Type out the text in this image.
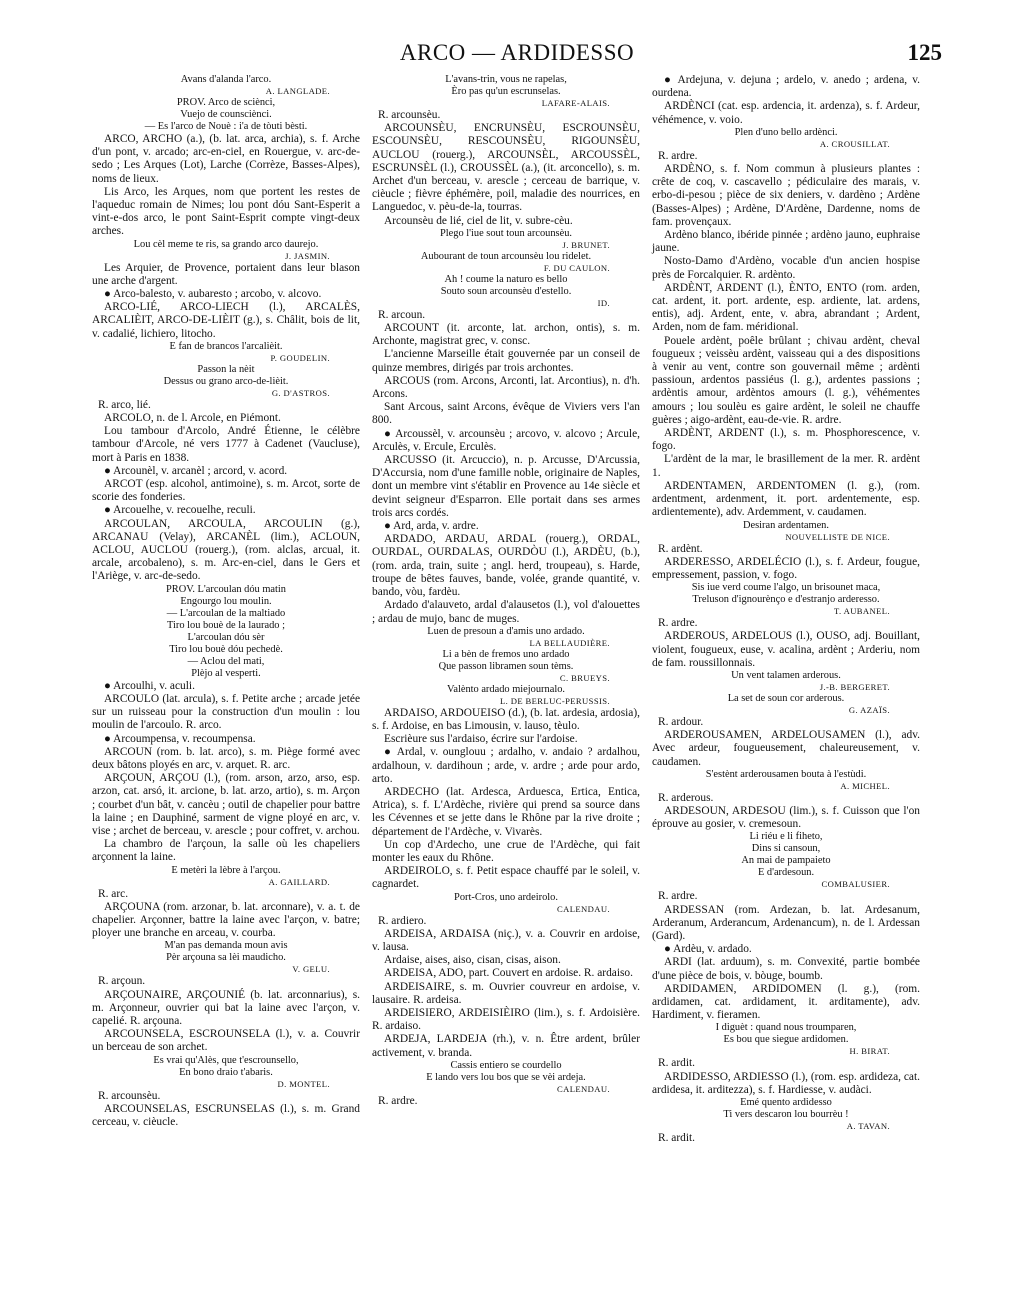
ARCO — ARDIDESSO	125

Avans d'alanda l'arco.

A. LANGLADE.

PROV. Arco de sciènci,

Vuejo de counsciènci.

— Es l'arco de Nouè : i'a de tòuti bèsti.

ARCO, ARCHO (a.), (b. lat. arca, archia), s. f. Arche d'un pont, v. arcado; arc-en-ciel, en Rouergue, v. arc-de-sedo ; Les Arques (Lot), Larche (Corrèze, Basses-Alpes), noms de lieux.

Lis Arco, les Arques, nom que portent les restes de l'aqueduc romain de Nimes; lou pont dóu Sant-Esperit a vint-e-dos arco, le pont Saint-Esprit compte vingt-deux arches.

Lou cèl meme te ris, sa grando arco daurejo.

J. JASMIN.

Les Arquier, de Provence, portaient dans leur blason une arche d'argent.

● Arco-balesto, v. aubaresto ; arcobo, v. alcovo.

ARCO-LIÉ, ARCO-LIECH (l.), ARCALÈS, ARCALIÈIT, ARCO-DE-LIÈIT (g.), s. Châlit, bois de lit, v. cadalié, lichiero, litocho.

E fan de brancos l'arcalièit.

P. GOUDELIN.

Passon la nèit

Dessus ou grano arco-de-lièit.

G. D'ASTROS.

R. arco, lié.

ARCOLO, n. de l. Arcole, en Piémont.

Lou tambour d'Arcolo, André Étienne, le célèbre tambour d'Arcole, né vers 1777 à Cadenet (Vaucluse), mort à Paris en 1838.

● Arcounèl, v. arcanèl ; arcord, v. acord.

ARCOT (esp. alcohol, antimoine), s. m. Arcot, sorte de scorie des fonderies.

● Arcouelhe, v. recouelhe, reculi.

ARCOULAN, ARCOULA, ARCOULIN (g.), ARCANAU (Velay), ARCANÈL (lim.), ACLOUN, ACLOU, AUCLOU (rouerg.), (rom. alclas, arcual, it. arcale, arcobaleno), s. m. Arc-en-ciel, dans le Gers et l'Ariège, v. arc-de-sedo.

PROV. L'arcoulan dóu matin

Engourgo lou moulin.

— L'arcoulan de la maltiado

Tiro lou bouè de la laurado ;

L'arcoulan dóu sèr

Tiro lou bouè dóu pechedè.

— Aclou del mati,

Plèjo al vesperti.

● Arcoulhi, v. aculi.

ARCOULO (lat. arcula), s. f. Petite arche ; arcade jetée sur un ruisseau pour la construction d'un moulin : lou moulin de l'arcoulo. R. arco.

● Arcoumpensa, v. recoumpensa.

ARCOUN (rom. b. lat. arco), s. m. Piège formé avec deux bâtons ployés en arc, v. arquet. R. arc.

ARÇOUN, ARÇOU (l.), (rom. arson, arzo, arso, esp. arzon, cat. arsó, it. arcione, b. lat. arzo, artio), s. m. Arçon ; courbet d'un bât, v. cancèu ; outil de chapelier pour battre la laine ; en Dauphiné, sarment de vigne ployé en arc, v. vise ; archet de berceau, v. arescle ; pour coffret, v. archou.

La chambro de l'arçoun, la salle où les chapeliers arçonnent la laine.

E metèri la lèbre à l'arçou.

A. GAILLARD.

R. arc.

ARÇOUNA (rom. arzonar, b. lat. arconnare), v. a. t. de chapelier. Arçonner, battre la laine avec l'arçon, v. batre; ployer une branche en arceau, v. courba.

M'an pas demanda moun avis

Pèr arçouna sa lèi maudicho.

V. GELU.

R. arçoun.

ARÇOUNAIRE, ARÇOUNIÉ (b. lat. arconnarius), s. m. Arçonneur, ouvrier qui bat la laine avec l'arçon, v. capelié. R. arçouna.

ARCOUNSELA, ESCROUNSELA (l.), v. a. Couvrir un berceau de son archet.

Es vrai qu'Alès, que t'escrounsello,

En bono draio t'abaris.

D. MONTEL.

R. arcounsèu.

ARCOUNSELAS, ESCRUNSELAS (l.), s. m. Grand cerceau, v. cièucle.

L'avans-trin, vous ne rapelas,

Èro pas qu'un escrunselas.

LAFARE-ALAIS.

R. arcounsèu.

ARCOUNSÈU, ENCRUNSÈU, ESCROUNSÈU, ESCOUNSÈU, RESCOUNSÈU, RIGOUNSÈU, AUCLOU (rouerg.), ARCOUNSÈL, ARCOUSSÈL, ESCRUNSÈL (l.), CROUSSÈL (a.), (it. arconcello), s. m. Archet d'un berceau, v. arescle ; cerceau de barrique, v. cièucle ; fièvre éphémère, poil, maladie des nourrices, en Languedoc, v. pèu-de-la, tourras.

Arcounsèu de lié, ciel de lit, v. subre-cèu.

Plego l'iue sout toun arcounsèu.

J. BRUNET.

Aubourant de toun arcounsèu lou ridelet.

F. DU CAULON.

Ah ! coume la naturo es bello

Souto soun arcounsèu d'estello.

ID.

R. arcoun.

ARCOUNT (it. arconte, lat. archon, ontis), s. m. Archonte, magistrat grec, v. consc.

L'ancienne Marseille était gouvernée par un conseil de quinze membres, dirigés par trois archontes.

ARCOUS (rom. Arcons, Arconti, lat. Arcontius), n. d'h. Arcons.

Sant Arcous, saint Arcons, évêque de Viviers vers l'an 800.

● Arcoussèl, v. arcounsèu ; arcovo, v. alcovo ; Arcule, Arculès, v. Ercule, Erculès.

ARCUSSO (it. Arcuccio), n. p. Arcusse, D'Arcussia, D'Accursia, nom d'une famille noble, originaire de Naples, dont un membre vint s'établir en Provence au 14e siècle et devint seigneur d'Esparron. Elle portait dans ses armes trois arcs cordés.

● Ard, arda, v. ardre.

ARDADO, ARDAU, ARDAL (rouerg.), ORDAL, OURDAL, OURDALAS, OURDÒU (l.), ARDÈU, (b.), (rom. arda, train, suite ; angl. herd, troupeau), s. Harde, troupe de bêtes fauves, bande, volée, grande quantité, v. bando, vòu, fardèu.

Ardado d'alauveto, ardal d'alausetos (l.), vol d'alouettes ; ardau de mujo, banc de muges.

Luen de presoun a d'amis uno ardado.

LA BELLAUDIÈRE.

Li a bèn de fremos uno ardado

Que passon libramen soun tèms.

C. BRUEYS.

Valènto ardado miejournalo.

L. DE BERLUC-PERUSSIS.

ARDAISO, ARDOUEISO (d.), (b. lat. ardesia, ardosia), s. f. Ardoise, en bas Limousin, v. lauso, tèulo.

Escrièure sus l'ardaiso, écrire sur l'ardoise.

● Ardal, v. ounglouu ; ardalho, v. andaio ? ardalhou, ardalhoun, v. dardihoun ; arde, v. ardre ; arde pour ardo, arto.

ARDECHO (lat. Ardesca, Arduesca, Ertica, Entica, Atrica), s. f. L'Ardèche, rivière qui prend sa source dans les Cévennes et se jette dans le Rhône par la rive droite ; département de l'Ardèche, v. Vivarès.

Un cop d'Ardecho, une crue de l'Ardèche, qui fait monter les eaux du Rhône.

ARDEIROLO, s. f. Petit espace chauffé par le soleil, v. cagnardet.

Port-Cros, uno ardeirolo.

CALENDAU.

R. ardiero.

ARDEISA, ARDAISA (niç.), v. a. Couvrir en ardoise, v. lausa.

Ardaise, aises, aiso, cisan, cisas, aison.

ARDEISA, ADO, part. Couvert en ardoise. R. ardaiso.

ARDEISAIRE, s. m. Ouvrier couvreur en ardoise, v. lausaire. R. ardeisa.

ARDEISIERO, ARDEISIÈIRO (lim.), s. f. Ardoisière. R. ardaiso.

ARDEJA, LARDEJA (rh.), v. n. Être ardent, brûler activement, v. branda.

Cassis entiero se courdello

E lando vers lou bos que se vèi ardeja.

CALENDAU.

R. ardre.

● Ardejuna, v. dejuna ; ardelo, v. anedo ; ardena, v. ourdena.

ARDÈNCI (cat. esp. ardencia, it. ardenza), s. f. Ardeur, véhémence, v. voio.

Plen d'uno bello ardènci.

A. CROUSILLAT.

R. ardre.

ARDÈNO, s. f. Nom commun à plusieurs plantes : crête de coq, v. cascavello ; pédiculaire des marais, v. erbo-di-pesou ; pièce de six deniers, v. dardèno ; Ardène (Basses-Alpes) ; Ardène, D'Ardène, Dardenne, noms de fam. provençaux.

Ardèno blanco, ibéride pinnée ; ardèno jauno, euphraise jaune.

Nosto-Damo d'Ardèno, vocable d'un ancien hospise près de Forcalquier. R. ardènto.

ARDÈNT, ARDENT (l.), ÈNTO, ENTO (rom. arden, cat. ardent, it. port. ardente, esp. ardiente, lat. ardens, entis), adj. Ardent, ente, v. abra, abrandant ; Ardent, Arden, nom de fam. méridional.

Pouele ardènt, poêle brûlant ; chivau ardènt, cheval fougueux ; veissèu ardènt, vaisseau qui a des dispositions à venir au vent, contre son gouvernail même ; ardènti passioun, ardentos passiéus (l. g.), ardentes passions ; ardèntis amour, ardèntos amours (l. g.), véhémentes amours ; lou soulèu es gaire ardènt, le soleil ne chauffe guères ; aigo-ardènt, eau-de-vie. R. ardre.

ARDÈNT, ARDENT (l.), s. m. Phosphorescence, v. fogo.

L'ardènt de la mar, le brasillement de la mer. R. ardènt 1.

ARDENTAMEN, ARDENTOMEN (l. g.), (rom. ardentment, ardenment, it. port. ardentemente, esp. ardientemente), adv. Ardemment, v. caudamen.

Desiran ardentamen.

NOUVELLISTE DE NICE.

R. ardènt.

ARDERESSO, ARDELÉCIO (l.), s. f. Ardeur, fougue, empressement, passion, v. fogo.

Sis iue verd coume l'algo, un brisounet maca,

Treluson d'ignourènço e d'estranjo arderesso.

T. AUBANEL.

R. ardre.

ARDEROUS, ARDELOUS (l.), OUSO, adj. Bouillant, violent, fougueux, euse, v. acalina, ardènt ; Arderiu, nom de fam. roussillonnais.

Un vent talamen arderous.

J.-B. BERGERET.

La set de soun cor arderous.

G. AZAÏS.

R. ardour.

ARDEROUSAMEN, ARDELOUSAMEN (l.), adv. Avec ardeur, fougueusement, chaleureusement, v. caudamen.

S'estènt arderousamen bouta à l'estùdi.

A. MICHEL.

R. arderous.

ARDESOUN, ARDESOU (lim.), s. f. Cuisson que l'on éprouve au gosier, v. cremesoun.

Li riéu e li fiheto,

Dins si cansoun,

An mai de pampaieto

E d'ardesoun.

COMBALUSIER.

R. ardre.

ARDESSAN (rom. Ardezan, b. lat. Ardesanum, Arderanum, Arderancum, Ardenancum), n. de l. Ardessan (Gard).

● Ardèu, v. ardado.

ARDI (lat. arduum), s. m. Convexité, partie bombée d'une pièce de bois, v. bòuge, boumb.

ARDIDAMEN, ARDIDOMEN (l. g.), (rom. ardidamen, cat. ardidament, it. arditamente), adv. Hardiment, v. fieramen.

I diguèt : quand nous troumparen,

Es bou que siegue ardidomen.

H. BIRAT.

R. ardit.

ARDIDESSO, ARDIESSO (l.), (rom. esp. ardideza, cat. ardidesa, it. arditezza), s. f. Hardiesse, v. audàci.

Emé quento ardidesso

Ti vers descaron lou bourrèu !

A. TAVAN.

R. ardit.
